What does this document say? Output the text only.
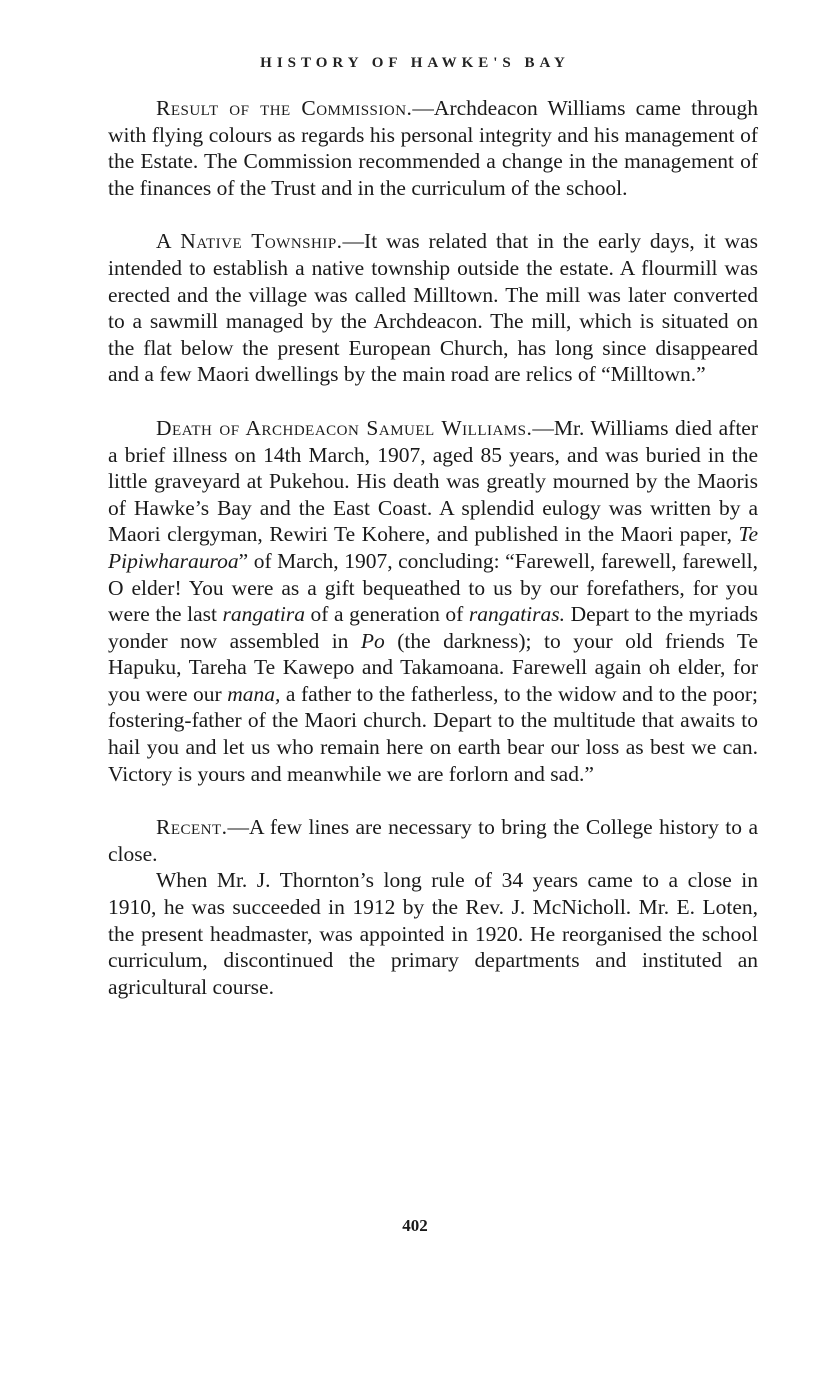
HISTORY OF HAWKE'S BAY

Result of the Commission.—Archdeacon Williams came through with flying colours as regards his personal integrity and his management of the Estate. The Commission recommended a change in the management of the finances of the Trust and in the curriculum of the school.

A Native Township.—It was related that in the early days, it was intended to establish a native township outside the estate. A flourmill was erected and the village was called Milltown. The mill was later converted to a sawmill managed by the Archdeacon. The mill, which is situated on the flat below the present European Church, has long since disappeared and a few Maori dwellings by the main road are relics of “Milltown.”

Death of Archdeacon Samuel Williams.—Mr. Williams died after a brief illness on 14th March, 1907, aged 85 years, and was buried in the little graveyard at Pukehou. His death was greatly mourned by the Maoris of Hawke’s Bay and the East Coast. A splendid eulogy was written by a Maori clergyman, Rewiri Te Kohere, and published in the Maori paper, Te Pipiwharauroa” of March, 1907, concluding: “Farewell, farewell, farewell, O elder! You were as a gift bequeathed to us by our forefathers, for you were the last rangatira of a generation of rangatiras. Depart to the myriads yonder now assembled in Po (the darkness); to your old friends Te Hapuku, Tareha Te Kawepo and Takamoana. Farewell again oh elder, for you were our mana, a father to the fatherless, to the widow and to the poor; fostering-father of the Maori church. Depart to the multitude that awaits to hail you and let us who remain here on earth bear our loss as best we can. Victory is yours and meanwhile we are forlorn and sad.”

Recent.—A few lines are necessary to bring the College history to a close.

When Mr. J. Thornton’s long rule of 34 years came to a close in 1910, he was succeeded in 1912 by the Rev. J. McNicholl. Mr. E. Loten, the present headmaster, was appointed in 1920. He reorganised the school curriculum, discontinued the primary departments and instituted an agricultural course.

402
